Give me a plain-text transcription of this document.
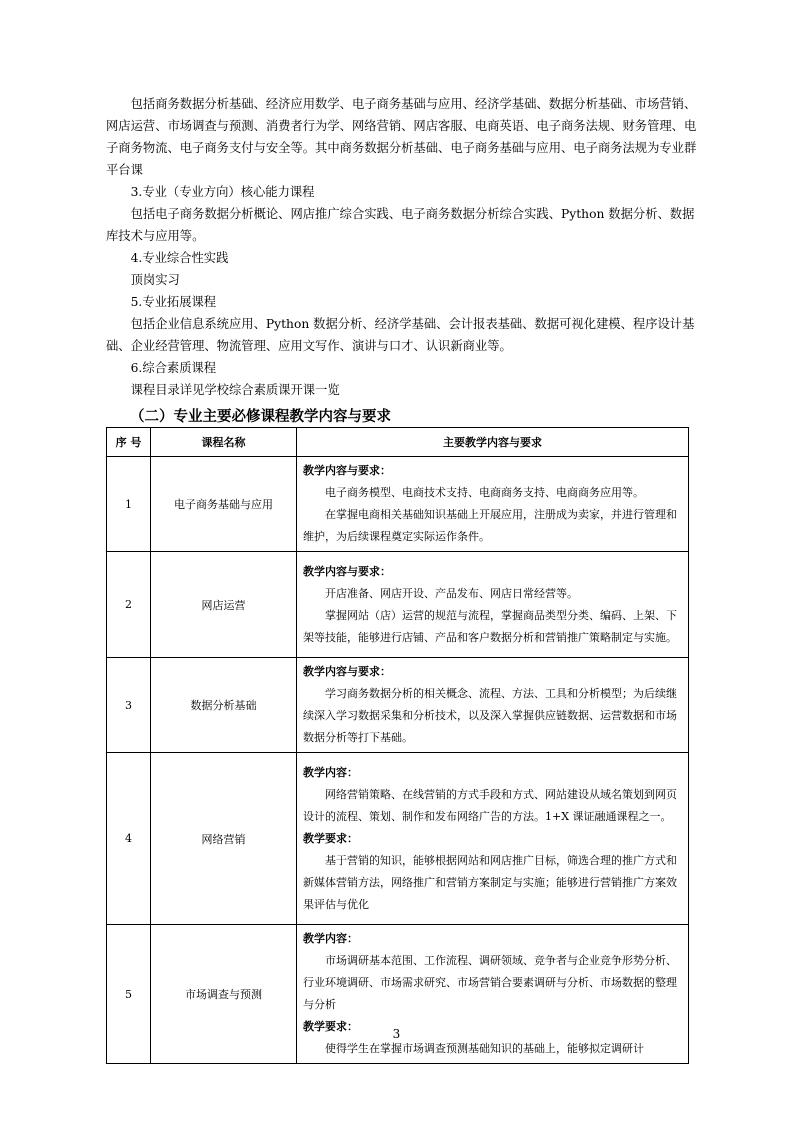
包括商务数据分析基础、经济应用数学、电子商务基础与应用、经济学基础、数据分析基础、市场营销、网店运营、市场调查与预测、消费者行为学、网络营销、网店客服、电商英语、电子商务法规、财务管理、电子商务物流、电子商务支付与安全等。其中商务数据分析基础、电子商务基础与应用、电子商务法规为专业群平台课

3.专业（专业方向）核心能力课程

包括电子商务数据分析概论、网店推广综合实践、电子商务数据分析综合实践、Python 数据分析、数据库技术与应用等。

4.专业综合性实践

顶岗实习

5.专业拓展课程

包括企业信息系统应用、Python 数据分析、经济学基础、会计报表基础、数据可视化建模、程序设计基础、企业经营管理、物流管理、应用文写作、演讲与口才、认识新商业等。

6.综合素质课程

课程目录详见学校综合素质课开课一览

（二）专业主要必修课程教学内容与要求
序 号	课程名称	主要教学内容与要求
1	电子商务基础与应用	教学内容与要求：
电子商务模型、电商技术支持、电商商务支持、电商商务应用等。
在掌握电商相关基础知识基础上开展应用，注册成为卖家，并进行管理和维护，为后续课程奠定实际运作条件。

2	网店运营	教学内容与要求：
开店准备、网店开设、产品发布、网店日常经营等。
掌握网站（店）运营的规范与流程，掌握商品类型分类、编码、上架、下架等技能，能够进行店铺、产品和客户数据分析和营销推广策略制定与实施。

3	数据分析基础	教学内容与要求：
学习商务数据分析的相关概念、流程、方法、工具和分析模型；为后续继续深入学习数据采集和分析技术，以及深入掌握供应链数据、运营数据和市场数据分析等打下基础。

4	网络营销	教学内容：
网络营销策略、在线营销的方式手段和方式、网站建设从域名策划到网页设计的流程、策划、制作和发布网络广告的方法。1+X 课证融通课程之一。
教学要求：
基于营销的知识，能够根据网站和网店推广目标，筛选合理的推广方式和新媒体营销方法，网络推广和营销方案制定与实施；能够进行营销推广方案效果评估与优化

5	市场调查与预测	教学内容：
市场调研基本范围、工作流程、调研领域、竞争者与企业竞争形势分析、行业环境调研、市场需求研究、市场营销合要素调研与分析、市场数据的整理与分析
教学要求：
使得学生在掌握市场调查预测基础知识的基础上，能够拟定调研计
3
